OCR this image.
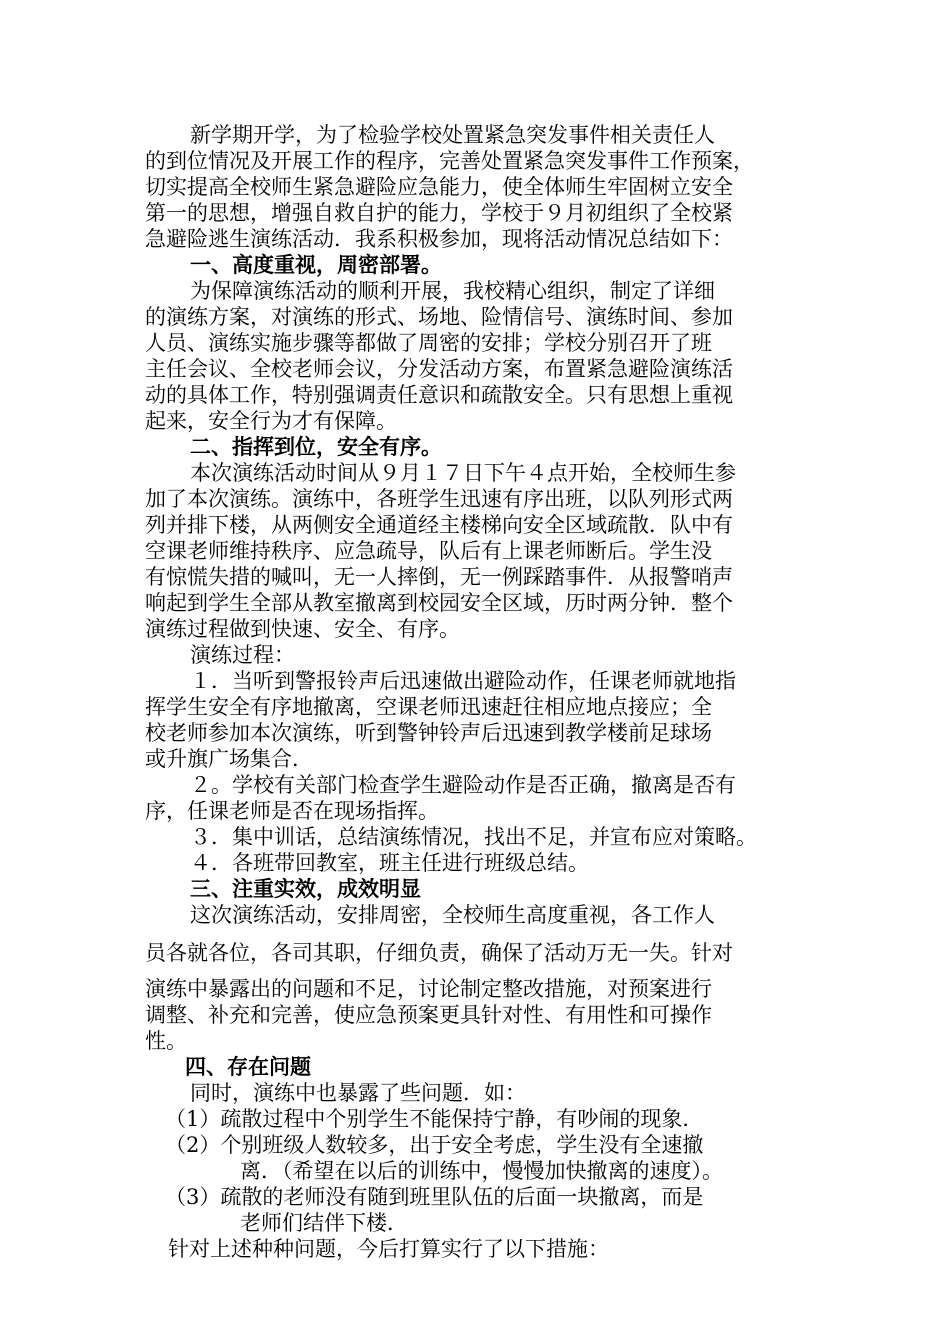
新学期开学，为了检验学校处置紧急突发事件相关责任人
的到位情况及开展工作的程序，完善处置紧急突发事件工作预案，
切实提高全校师生紧急避险应急能力，使全体师生牢固树立安全
第一的思想，增强自救自护的能力，学校于９月初组织了全校紧
急避险逃生演练活动．我系积极参加，现将活动情况总结如下：
一、高度重视，周密部署。
为保障演练活动的顺利开展，我校精心组织，制定了详细
的演练方案，对演练的形式、场地、险情信号、演练时间、参加
人员、演练实施步骤等都做了周密的安排；学校分别召开了班
主任会议、全校老师会议，分发活动方案，布置紧急避险演练活
动的具体工作，特别强调责任意识和疏散安全。只有思想上重视
起来，安全行为才有保障。
二、指挥到位，安全有序。
本次演练活动时间从９月１７日下午４点开始，全校师生参
加了本次演练。演练中，各班学生迅速有序出班，以队列形式两
列并排下楼，从两侧安全通道经主楼梯向安全区域疏散．队中有
空课老师维持秩序、应急疏导，队后有上课老师断后。学生没
有惊慌失措的喊叫，无一人摔倒，无一例踩踏事件．从报警哨声
响起到学生全部从教室撤离到校园安全区域，历时两分钟．整个
演练过程做到快速、安全、有序。
演练过程：
１．当听到警报铃声后迅速做出避险动作，任课老师就地指
挥学生安全有序地撤离，空课老师迅速赶往相应地点接应；全
校老师参加本次演练，听到警钟铃声后迅速到教学楼前足球场
或升旗广场集合．
２。学校有关部门检查学生避险动作是否正确，撤离是否有
序，任课老师是否在现场指挥。
３．集中训话，总结演练情况，找出不足，并宣布应对策略。
４．各班带回教室，班主任进行班级总结。
三、注重实效，成效明显
这次演练活动，安排周密，全校师生高度重视，各工作人
员各就各位，各司其职，仔细负责，确保了活动万无一失。针对
演练中暴露出的问题和不足，讨论制定整改措施，对预案进行
调整、补充和完善，使应急预案更具针对性、有用性和可操作
性。
四、存在问题
同时，演练中也暴露了些问题．如：
（1）疏散过程中个别学生不能保持宁静，有吵闹的现象．
（2）个别班级人数较多，出于安全考虑，学生没有全速撤
离．（希望在以后的训练中，慢慢加快撤离的速度）。
（3）疏散的老师没有随到班里队伍的后面一块撤离，而是
老师们结伴下楼．
针对上述种种问题，今后打算实行了以下措施：
